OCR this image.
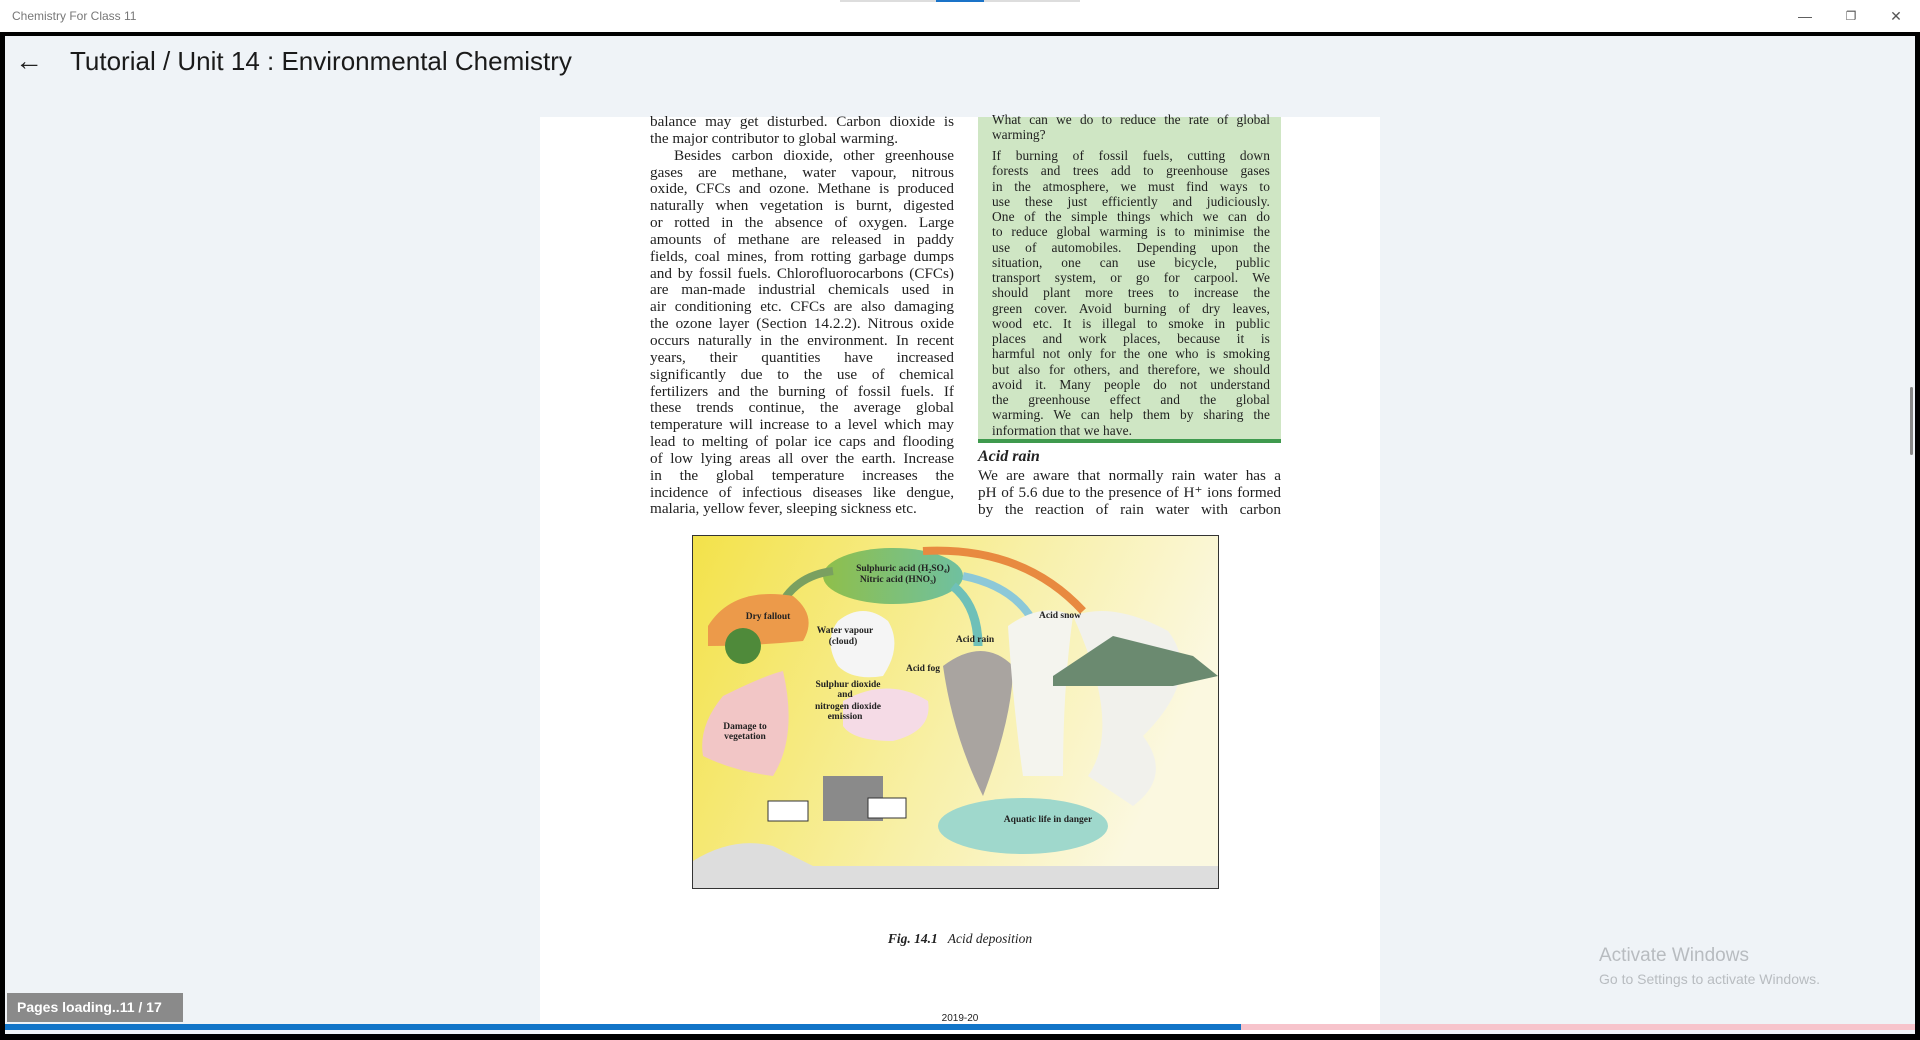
Chemistry For Class 11	—	❐	✕
← Tutorial / Unit 14 : Environmental Chemistry
balance may get disturbed. Carbon dioxide is
the major contributor to global warming.
Besides carbon dioxide, other greenhouse
gases are methane, water vapour, nitrous
oxide, CFCs and ozone. Methane is produced
naturally when vegetation is burnt, digested
or rotted in the absence of oxygen. Large
amounts of methane are released in paddy
fields, coal mines, from rotting garbage dumps
and by fossil fuels. Chlorofluorocarbons (CFCs)
are man-made industrial chemicals used in
air conditioning etc. CFCs are also damaging
the ozone layer (Section 14.2.2). Nitrous oxide
occurs naturally in the environment. In recent
years, their quantities have increased
significantly due to the use of chemical
fertilizers and the burning of fossil fuels. If
these trends continue, the average global
temperature will increase to a level which may
lead to melting of polar ice caps and flooding
of low lying areas all over the earth. Increase
in the global temperature increases the
incidence of infectious diseases like dengue,
malaria, yellow fever, sleeping sickness etc.
What can we do to reduce the rate of global
warming?
If burning of fossil fuels, cutting down
forests and trees add to greenhouse gases
in the atmosphere, we must find ways to
use these just efficiently and judiciously.
One of the simple things which we can do
to reduce global warming is to minimise the
use of automobiles. Depending upon the
situation, one can use bicycle, public
transport system, or go for carpool. We
should plant more trees to increase the
green cover. Avoid burning of dry leaves,
wood etc. It is illegal to smoke in public
places and work places, because it is
harmful not only for the one who is smoking
but also for others, and therefore, we should
avoid it. Many people do not understand
the greenhouse effect and the global
warming. We can help them by sharing the
information that we have.
Acid rain
We are aware that normally rain water has a
pH of 5.6 due to the presence of H⁺ ions formed
by the reaction of rain water with carbon
Sulphuric acid (H₂SO₄)
Nitric acid (HNO₃)
Dry fallout
Water vapour
(cloud)
Acid fog
Acid rain
Acid snow
Sulphur dioxide
and
nitrogen dioxide
emission
Damage to
vegetation
Aquatic life in danger
Fig. 14.1 Acid deposition
2019-20
Activate Windows
Go to Settings to activate Windows.
Pages loading..11 / 17
